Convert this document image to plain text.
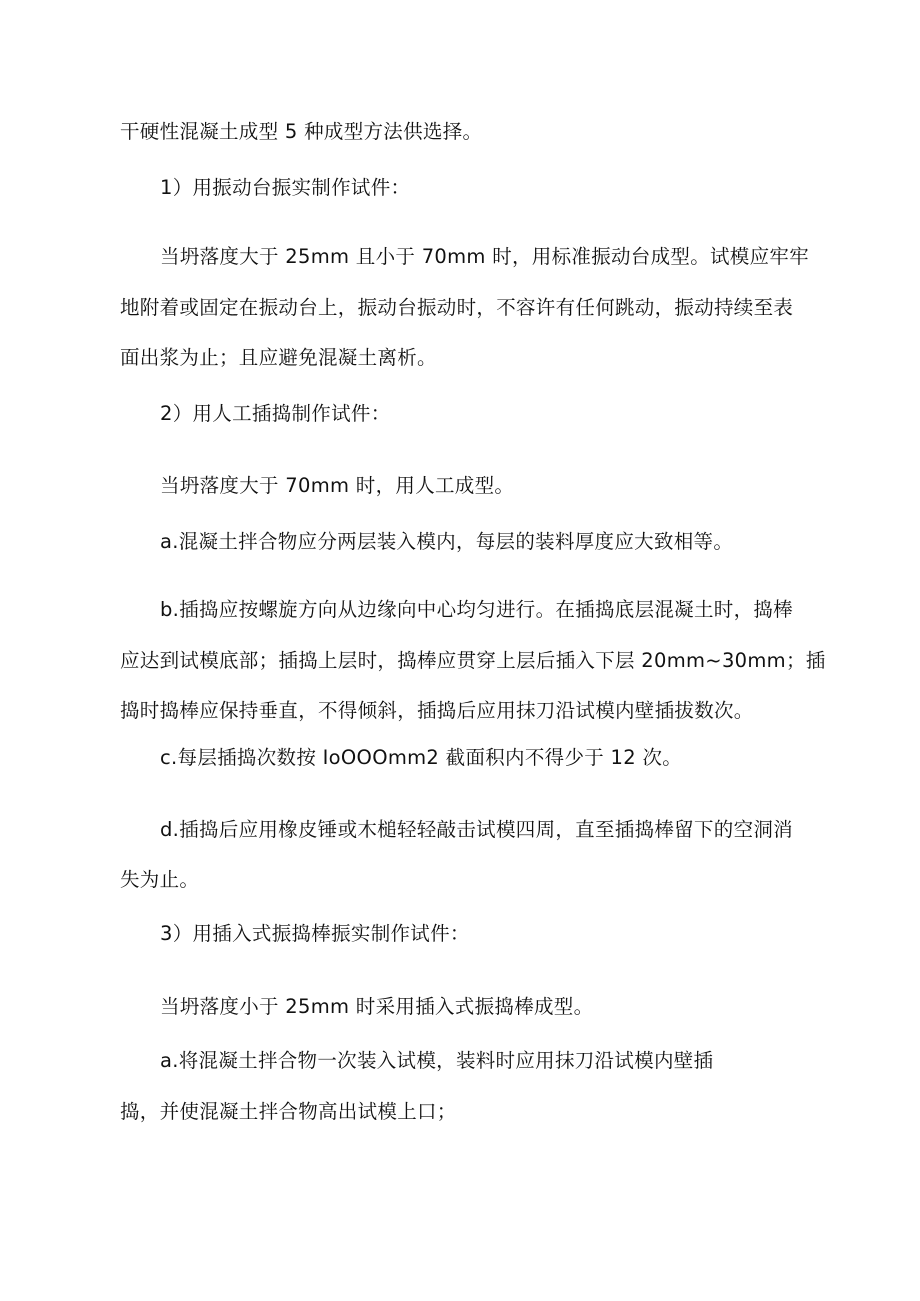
干硬性混凝土成型 5 种成型方法供选择。
1）用振动台振实制作试件：
当坍落度大于 25mm 且小于 70mm 时，用标准振动台成型。试模应牢牢
地附着或固定在振动台上，振动台振动时，不容许有任何跳动，振动持续至表
面出浆为止；且应避免混凝土离析。
2）用人工插捣制作试件：
当坍落度大于 70mm 时，用人工成型。
a.混凝土拌合物应分两层装入模内，每层的装料厚度应大致相等。
b.插捣应按螺旋方向从边缘向中心均匀进行。在插捣底层混凝土时，捣棒
应达到试模底部；插捣上层时，捣棒应贯穿上层后插入下层 20mm~30mm；插
捣时捣棒应保持垂直，不得倾斜，插捣后应用抹刀沿试模内壁插拔数次。
c.每层插捣次数按 IoOOOmm2 截面积内不得少于 12 次。
d.插捣后应用橡皮锤或木槌轻轻敲击试模四周，直至插捣棒留下的空洞消
失为止。
3）用插入式振捣棒振实制作试件：
当坍落度小于 25mm 时采用插入式振捣棒成型。
a.将混凝土拌合物一次装入试模，装料时应用抹刀沿试模内壁插
捣，并使混凝土拌合物高出试模上口；
